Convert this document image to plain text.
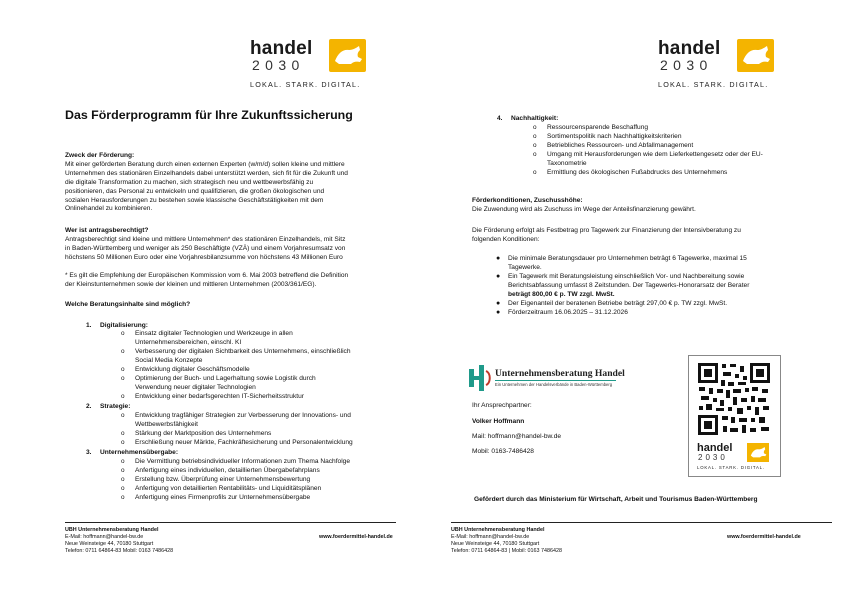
handel
2030
LOKAL. STARK. DIGITAL.
Das Förderprogramm für Ihre Zukunftssicherung
Zweck der Förderung:
Mit einer geförderten Beratung durch einen externen Experten (w/m/d) sollen kleine und mittlere
Unternehmen des stationären Einzelhandels dabei unterstützt werden, sich fit für die Zukunft und
die digitale Transformation zu machen, sich strategisch neu und wettbewerbsfähig zu
positionieren, das Personal zu entwickeln und qualifizieren, die großen ökologischen und
sozialen Herausforderungen zu bestehen sowie klassische Geschäftstätigkeiten mit dem
Onlinehandel zu kombinieren.
Wer ist antragsberechtigt?
Antragsberechtigt sind kleine und mittlere Unternehmen* des stationären Einzelhandels, mit Sitz
in Baden-Württemberg und weniger als 250 Beschäftigte (VZÄ) und einem Vorjahresumsatz von
höchstens 50 Millionen Euro oder eine Vorjahresbilanzsumme von höchstens 43 Millionen Euro
* Es gilt die Empfehlung der Europäischen Kommission vom 6. Mai 2003 betreffend die Definition
der Kleinstunternehmen sowie der kleinen und mittleren Unternehmen (2003/361/EG).
Welche Beratungsinhalte sind möglich?
1. Digitalisierung:
o Einsatz digitaler Technologien und Werkzeuge in allen
Unternehmensbereichen, einschl. KI
o Verbesserung der digitalen Sichtbarkeit des Unternehmens, einschließlich
Social Media Konzepte
o Entwicklung digitaler Geschäftsmodelle
o Optimierung der Buch- und Lagerhaltung sowie Logistik durch
Verwendung neuer digitaler Technologien
o Entwicklung einer bedarfsgerechten IT-Sicherheitsstruktur
2. Strategie:
o Entwicklung tragfähiger Strategien zur Verbesserung der Innovations- und
Wettbewerbsfähigkeit
o Stärkung der Marktposition des Unternehmens
o Erschließung neuer Märkte, Fachkräftesicherung und Personalentwicklung
3. Unternehmensübergabe:
o Die Vermittlung betriebsindividueller Informationen zum Thema Nachfolge
o Anfertigung eines individuellen, detaillierten Übergabefahrplans
o Erstellung bzw. Überprüfung einer Unternehmensbewertung
o Anfertigung von detaillierten Rentabilitäts- und Liquiditätsplänen
o Anfertigung eines Firmenprofils zur Unternehmensübergabe
UBH Unternehmensberatung Handel
E-Mail: hoffmann@handel-bw.de
Neue Weinsteige 44, 70180 Stuttgart
Telefon: 0711 64864-83 Mobil: 0163 7486428
www.foerdermittel-handel.de
handel
2030
LOKAL. STARK. DIGITAL.
4. Nachhaltigkeit:
o Ressourcensparende Beschaffung
o Sortimentspolitik nach Nachhaltigkeitskriterien
o Betriebliches Ressourcen- und Abfallmanagement
o Umgang mit Herausforderungen wie dem Lieferkettengesetz oder der EU-
Taxonometrie
o Ermittlung des ökologischen Fußabdrucks des Unternehmens
Förderkonditionen, Zuschusshöhe:
Die Zuwendung wird als Zuschuss im Wege der Anteilsfinanzierung gewährt.
Die Förderung erfolgt als Festbetrag pro Tagewerk zur Finanzierung der Intensivberatung zu
folgenden Konditionen:
● Die minimale Beratungsdauer pro Unternehmen beträgt 6 Tagewerke, maximal 15
Tagewerke.
● Ein Tagewerk mit Beratungsleistung einschließlich Vor- und Nachbereitung sowie
Berichtsabfassung umfasst 8 Zeitstunden. Der Tagewerks-Honorarsatz der Berater
beträgt 800,00 € p. TW zzgl. MwSt.
● Der Eigenanteil der beratenen Betriebe beträgt 297,00 € p. TW zzgl. MwSt.
● Förderzeitraum 16.06.2025 – 31.12.2026
Unternehmensberatung Handel
Ein Unternehmen der Handelsverbände in Baden-Württemberg
Ihr Ansprechpartner:
Volker Hoffmann
Mail: hoffmann@handel-bw.de
Mobil: 0163-7486428	handel
2030
LOKAL. STARK. DIGITAL.
Gefördert durch das Ministerium für Wirtschaft, Arbeit und Tourismus Baden-Württemberg
UBH Unternehmensberatung Handel
E-Mail: hoffmann@handel-bw.de
Neue Weinsteige 44, 70180 Stuttgart
Telefon: 0711 64864-83 | Mobil: 0163 7486428
www.foerdermittel-handel.de
